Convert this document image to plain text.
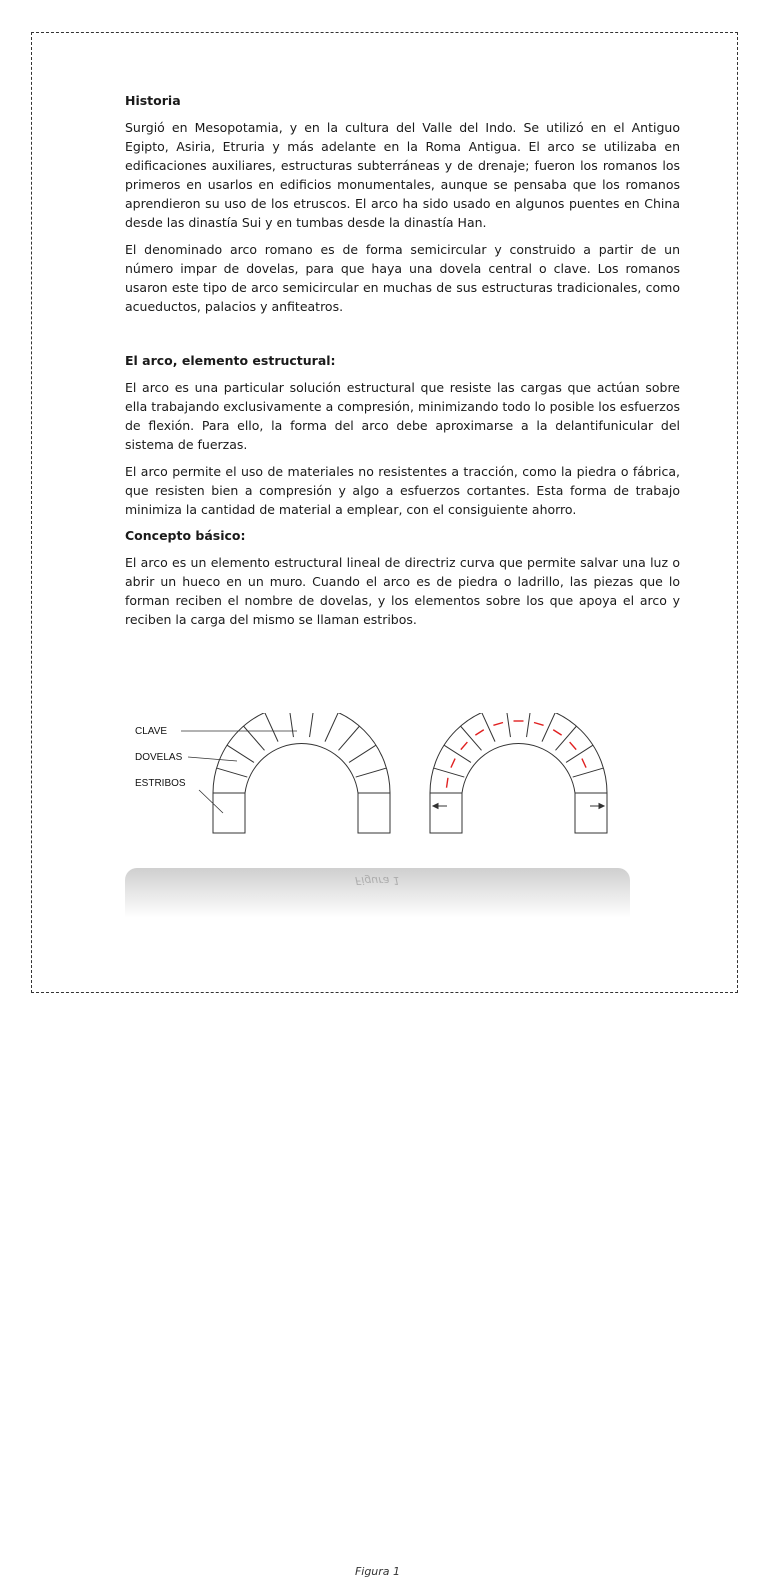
Historia

Surgió en Mesopotamia, y en la cultura del Valle del Indo. Se utilizó en el Antiguo Egipto, Asiria, Etruria y más adelante en la Roma Antigua. El arco se utilizaba en edificaciones auxiliares, estructuras subterráneas y de drenaje; fueron los romanos los primeros en usarlos en edificios monumentales, aunque se pensaba que los romanos aprendieron su uso de los etruscos. El arco ha sido usado en algunos puentes en China desde las dinastía Sui y en tumbas desde la dinastía Han.

El denominado arco romano es de forma semicircular y construido a partir de un número impar de dovelas, para que haya una dovela central o clave. Los romanos usaron este tipo de arco semicircular en muchas de sus estructuras tradicionales, como acueductos, palacios y anfiteatros.

El arco, elemento estructural:

El arco es una particular solución estructural que resiste las cargas que actúan sobre ella trabajando exclusivamente a compresión, minimizando todo lo posible los esfuerzos de flexión. Para ello, la forma del arco debe aproximarse a la delantifunicular del sistema de fuerzas.

El arco permite el uso de materiales no resistentes a tracción, como la piedra o fábrica, que resisten bien a compresión y algo a esfuerzos cortantes. Esta forma de trabajo minimiza la cantidad de material a emplear, con el consiguiente ahorro.

Concepto básico:

El arco es un elemento estructural lineal de directriz curva que permite salvar una luz o abrir un hueco en un muro. Cuando el arco es de piedra o ladrillo, las piezas que lo forman reciben el nombre de dovelas, y los elementos sobre los que apoya el arco y reciben la carga del mismo se llaman estribos.

CLAVE
DOVELAS
ESTRIBOS
Figura 1
Figura 1
